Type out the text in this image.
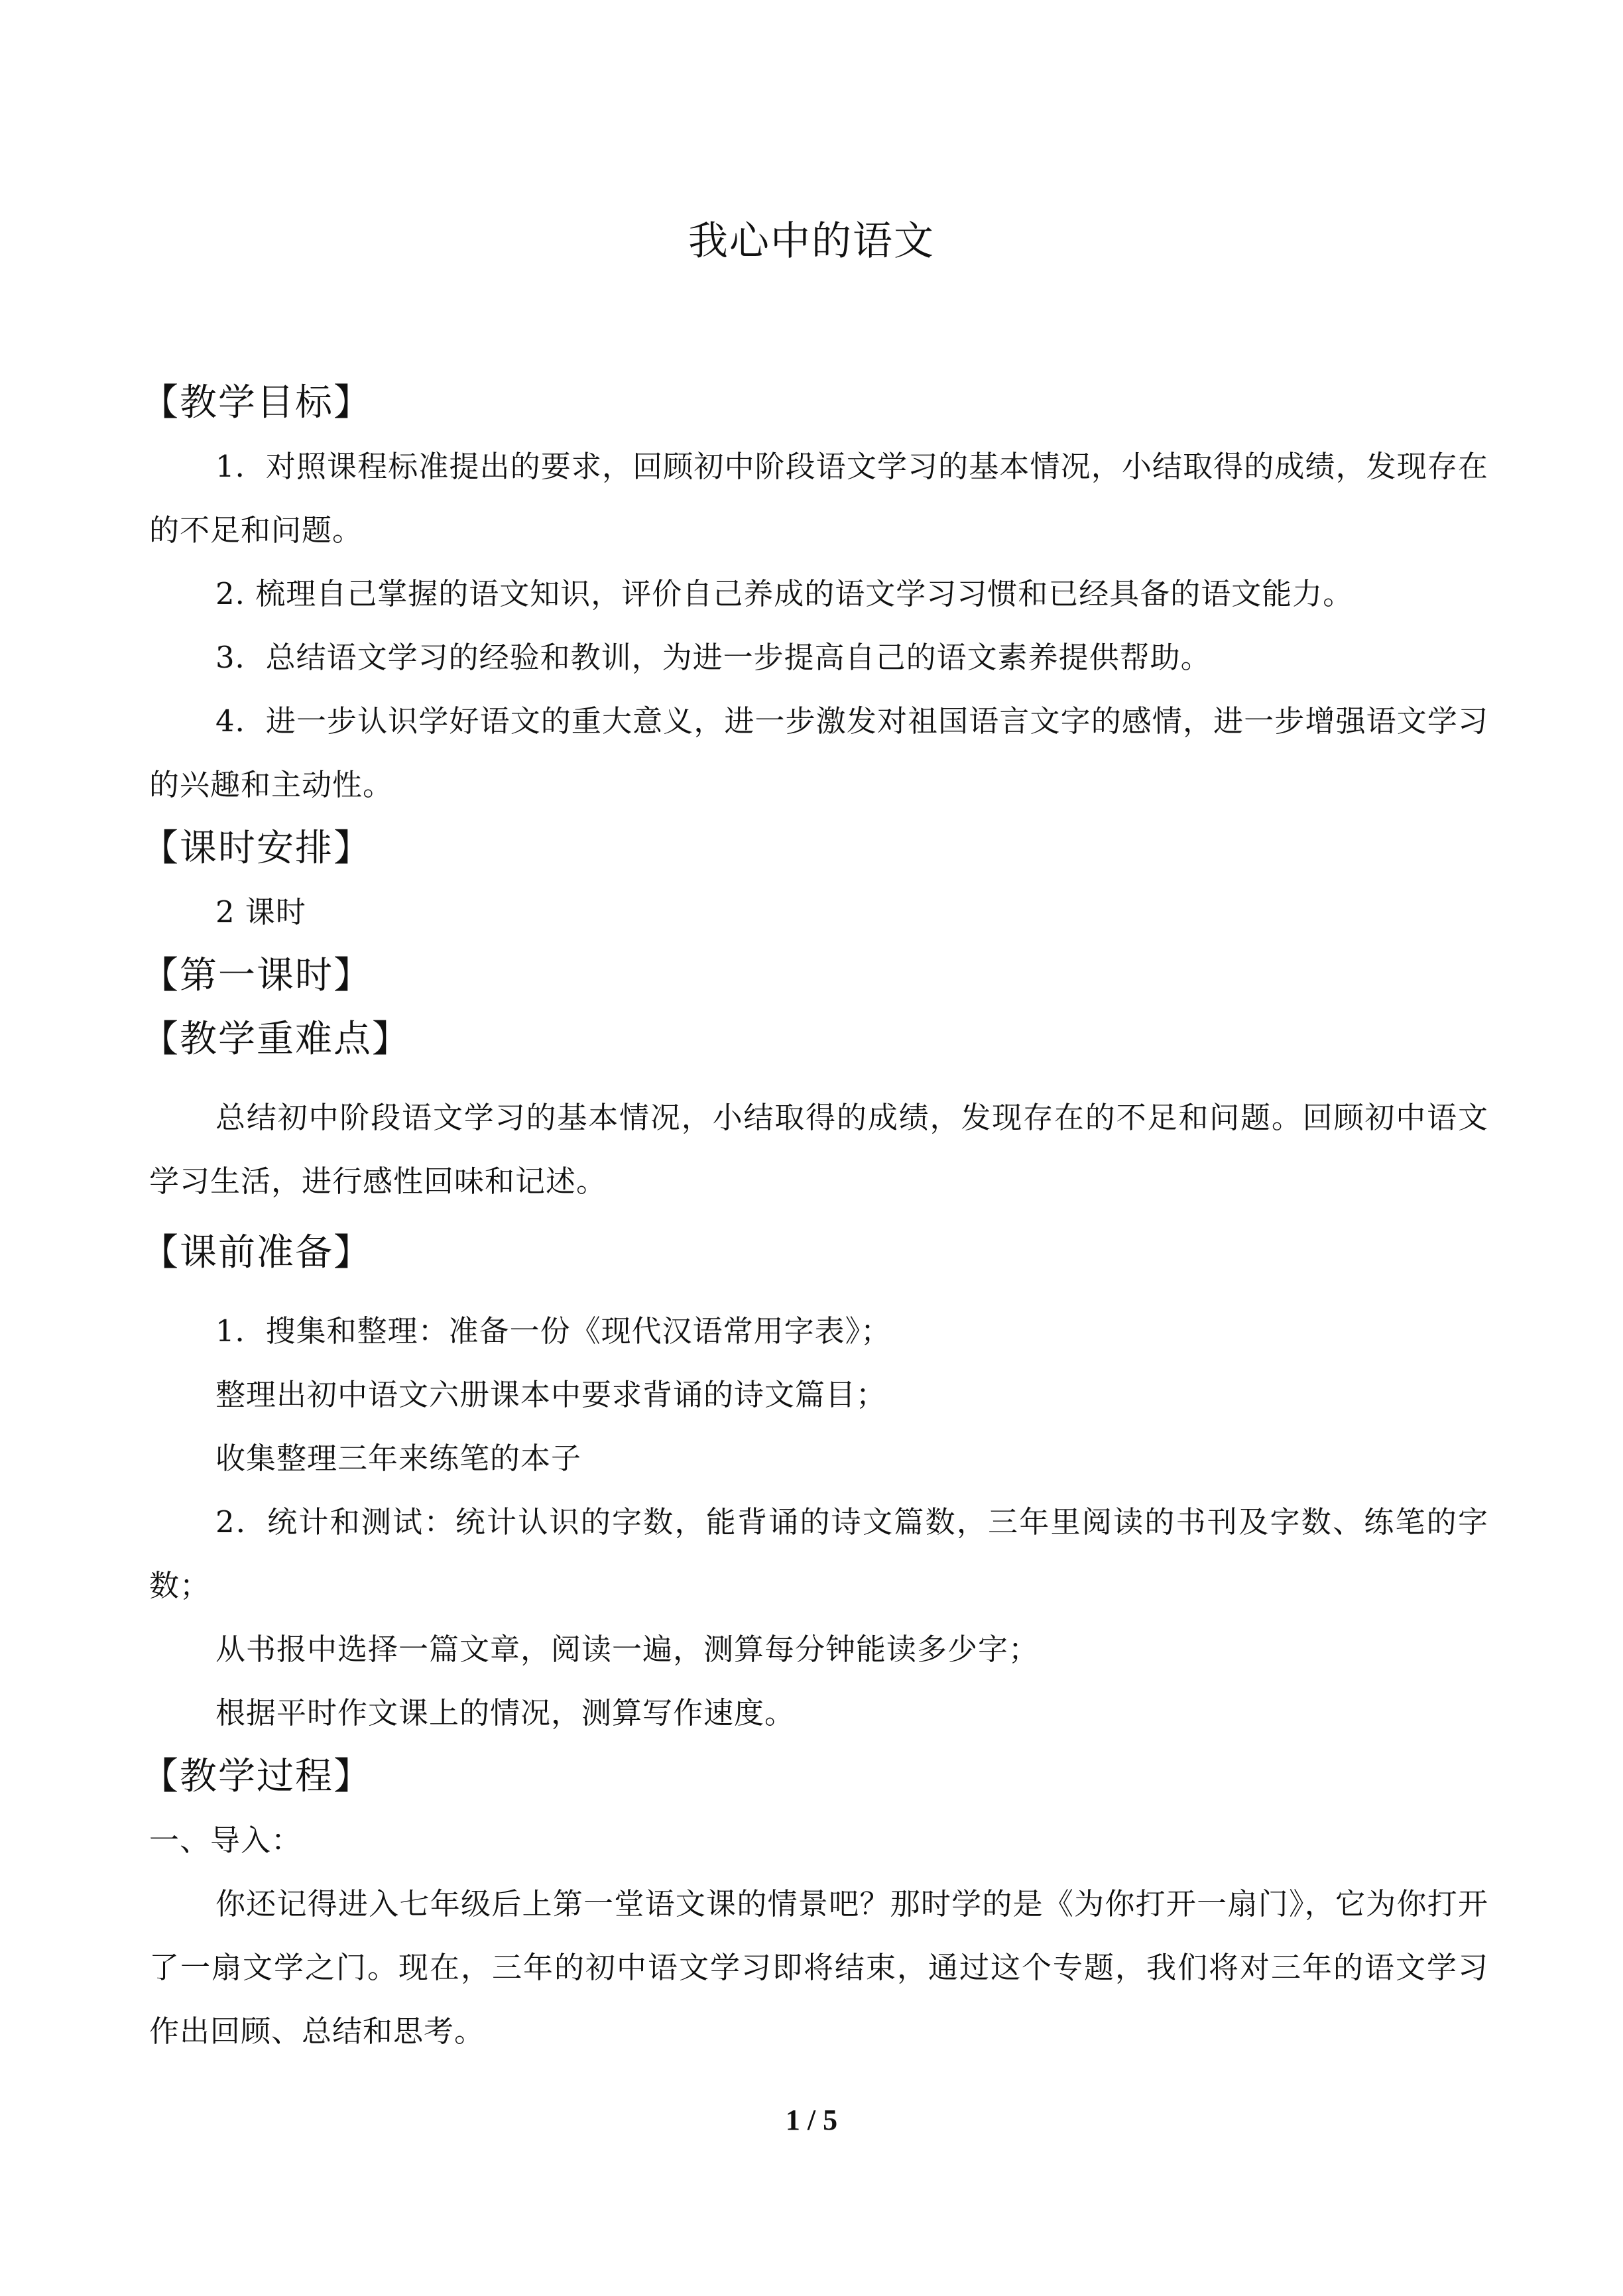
我心中的语文
【教学目标】
1．对照课程标准提出的要求，回顾初中阶段语文学习的基本情况，小结取得的成绩，发现存在的不足和问题。
2. 梳理自己掌握的语文知识，评价自己养成的语文学习习惯和已经具备的语文能力。
3．总结语文学习的经验和教训，为进一步提高自己的语文素养提供帮助。
4．进一步认识学好语文的重大意义，进一步激发对祖国语言文字的感情，进一步增强语文学习的兴趣和主动性。
【课时安排】
2 课时
【第一课时】
【教学重难点】
总结初中阶段语文学习的基本情况，小结取得的成绩，发现存在的不足和问题。回顾初中语文学习生活，进行感性回味和记述。
【课前准备】
1．搜集和整理：准备一份《现代汉语常用字表》；
整理出初中语文六册课本中要求背诵的诗文篇目；
收集整理三年来练笔的本子
2．统计和测试：统计认识的字数，能背诵的诗文篇数，三年里阅读的书刊及字数、练笔的字数；
从书报中选择一篇文章，阅读一遍，测算每分钟能读多少字；
根据平时作文课上的情况，测算写作速度。
【教学过程】
一、导入：
你还记得进入七年级后上第一堂语文课的情景吧？那时学的是《为你打开一扇门》，它为你打开了一扇文学之门。现在，三年的初中语文学习即将结束，通过这个专题，我们将对三年的语文学习作出回顾、总结和思考。
1 / 5
